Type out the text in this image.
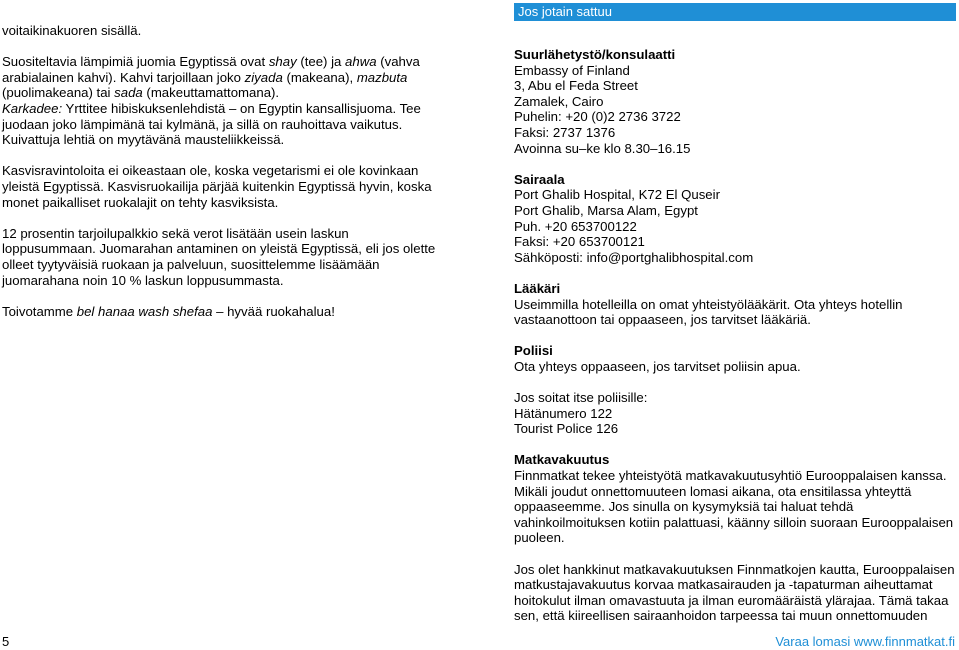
voitaikinakuoren sisällä.

Suositeltavia lämpimiä juomia Egyptissä ovat shay (tee) ja ahwa (vahva arabialainen kahvi). Kahvi tarjoillaan joko ziyada (makeana), mazbuta (puolimakeana) tai sada (makeuttamattomana).
Karkadee: Yrttitee hibiskuksenlehdistä – on Egyptin kansallisjuoma. Tee juodaan joko lämpimänä tai kylmänä, ja sillä on rauhoittava vaikutus. Kuivattuja lehtiä on myytävänä mausteliikkeissä.

Kasvisravintoloita ei oikeastaan ole, koska vegetarismi ei ole kovinkaan yleistä Egyptissä. Kasvisruokailija pärjää kuitenkin Egyptissä hyvin, koska monet paikalliset ruokalajit on tehty kasviksista.

12 prosentin tarjoilupalkkio sekä verot lisätään usein laskun loppusummaan. Juomarahan antaminen on yleistä Egyptissä, eli jos olette olleet tyytyväisiä ruokaan ja palveluun, suosittelemme lisäämään juomarahana noin 10 % laskun loppusummasta.

Toivotamme bel hanaa wash shefaa – hyvää ruokahalua!

Jos jotain sattuu

Suurlähetystö/konsulaatti

Embassy of Finland

3, Abu el Feda Street

Zamalek, Cairo

Puhelin: +20 (0)2 2736 3722

Faksi: 2737 1376

Avoinna su–ke klo 8.30–16.15

Sairaala

Port Ghalib Hospital, K72 El Quseir

Port Ghalib, Marsa Alam, Egypt

Puh. +20 653700122

Faksi: +20 653700121

Sähköposti: info@portghalibhospital.com

Lääkäri

Useimmilla hotelleilla on omat yhteistyölääkärit. Ota yhteys hotellin vastaanottoon tai oppaaseen, jos tarvitset lääkäriä.

Poliisi

Ota yhteys oppaaseen, jos tarvitset poliisin apua.

Jos soitat itse poliisille:

Hätänumero 122

Tourist Police 126

Matkavakuutus

Finnmatkat tekee yhteistyötä matkavakuutusyhtiö Eurooppalaisen kanssa. Mikäli joudut onnettomuuteen lomasi aikana, ota ensitilassa yhteyttä oppaaseemme. Jos sinulla on kysymyksiä tai haluat tehdä vahinkoilmoituksen kotiin palattuasi, käänny silloin suoraan Eurooppalaisen puoleen.

Jos olet hankkinut matkavakuutuksen Finnmatkojen kautta, Eurooppalaisen matkustajavakuutus korvaa matkasairauden ja -tapaturman aiheuttamat hoitokulut ilman omavastuuta ja ilman euromääräistä ylärajaa. Tämä takaa sen, että kiireellisen sairaanhoidon tarpeessa tai muun onnettomuuden

5	Varaa lomasi www.finnmatkat.fi
